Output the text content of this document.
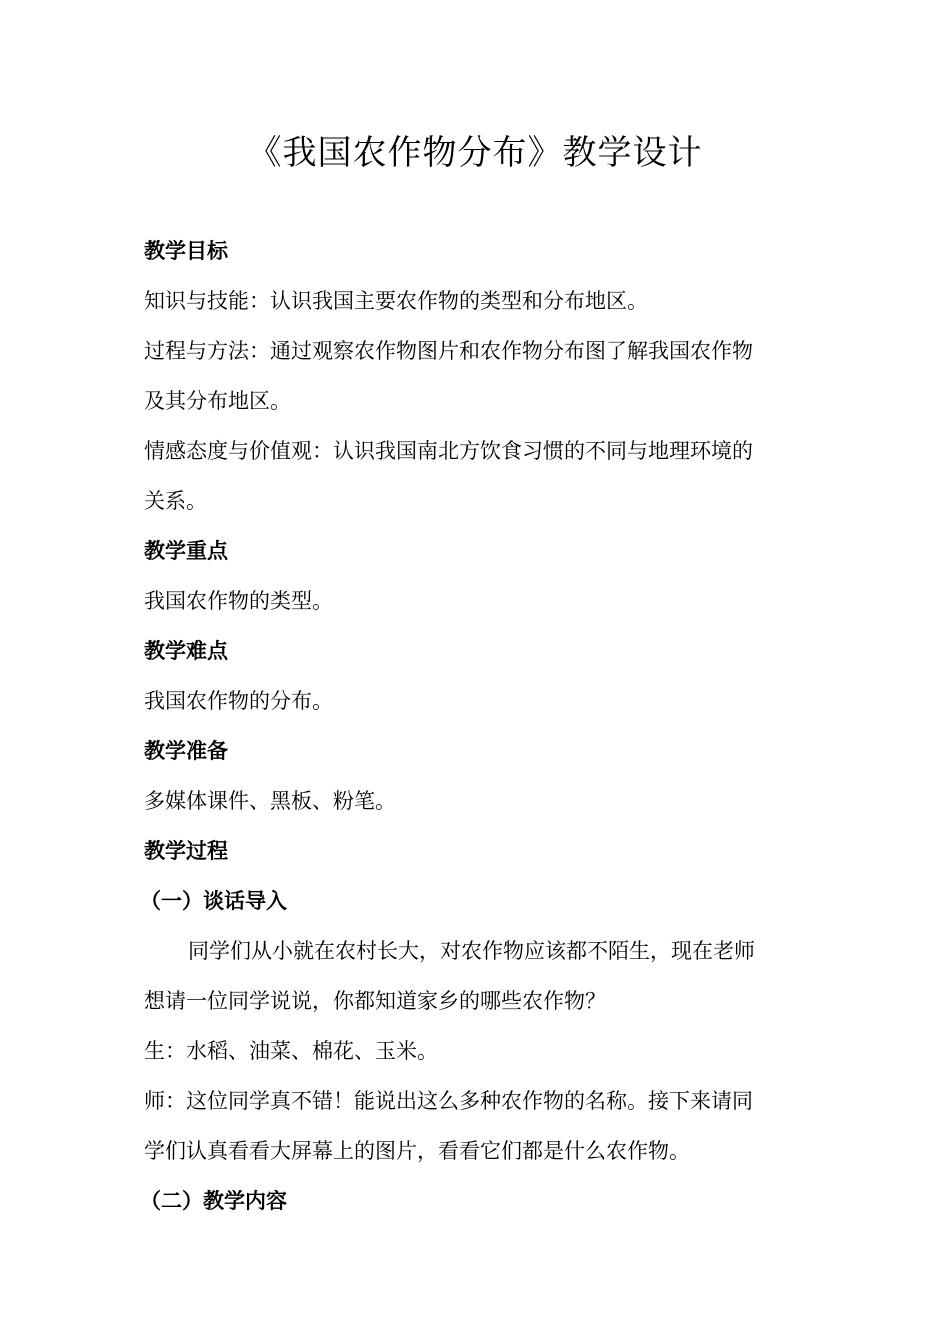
《我国农作物分布》教学设计
教学目标
知识与技能：认识我国主要农作物的类型和分布地区。
过程与方法：通过观察农作物图片和农作物分布图了解我国农作物
及其分布地区。
情感态度与价值观：认识我国南北方饮食习惯的不同与地理环境的
关系。
教学重点
我国农作物的类型。
教学难点
我国农作物的分布。
教学准备
多媒体课件、黑板、粉笔。
教学过程
（一）谈话导入
同学们从小就在农村长大，对农作物应该都不陌生，现在老师
想请一位同学说说，你都知道家乡的哪些农作物？
生：水稻、油菜、棉花、玉米。
师：这位同学真不错！能说出这么多种农作物的名称。接下来请同
学们认真看看大屏幕上的图片，看看它们都是什么农作物。
（二）教学内容
